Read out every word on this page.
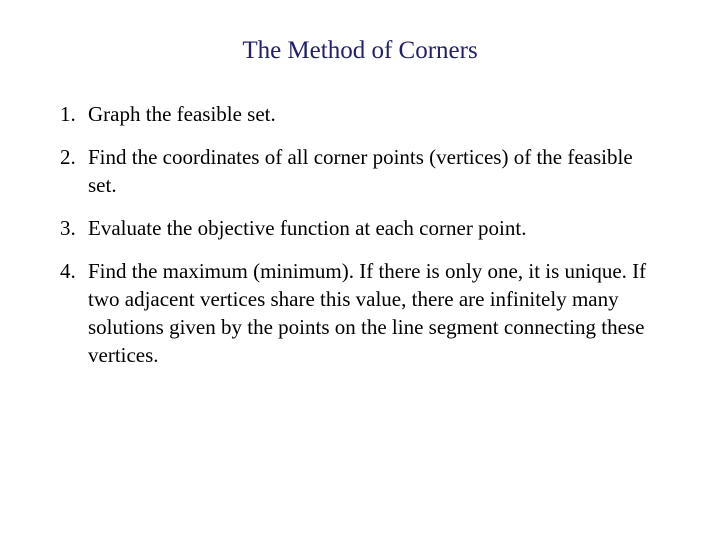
The Method of Corners
1. Graph the feasible set.
2. Find the coordinates of all corner points (vertices) of the feasible set.
3. Evaluate the objective function at each corner point.
4. Find the maximum (minimum). If there is only one, it is unique. If two adjacent vertices share this value, there are infinitely many solutions given by the points on the line segment connecting these vertices.
